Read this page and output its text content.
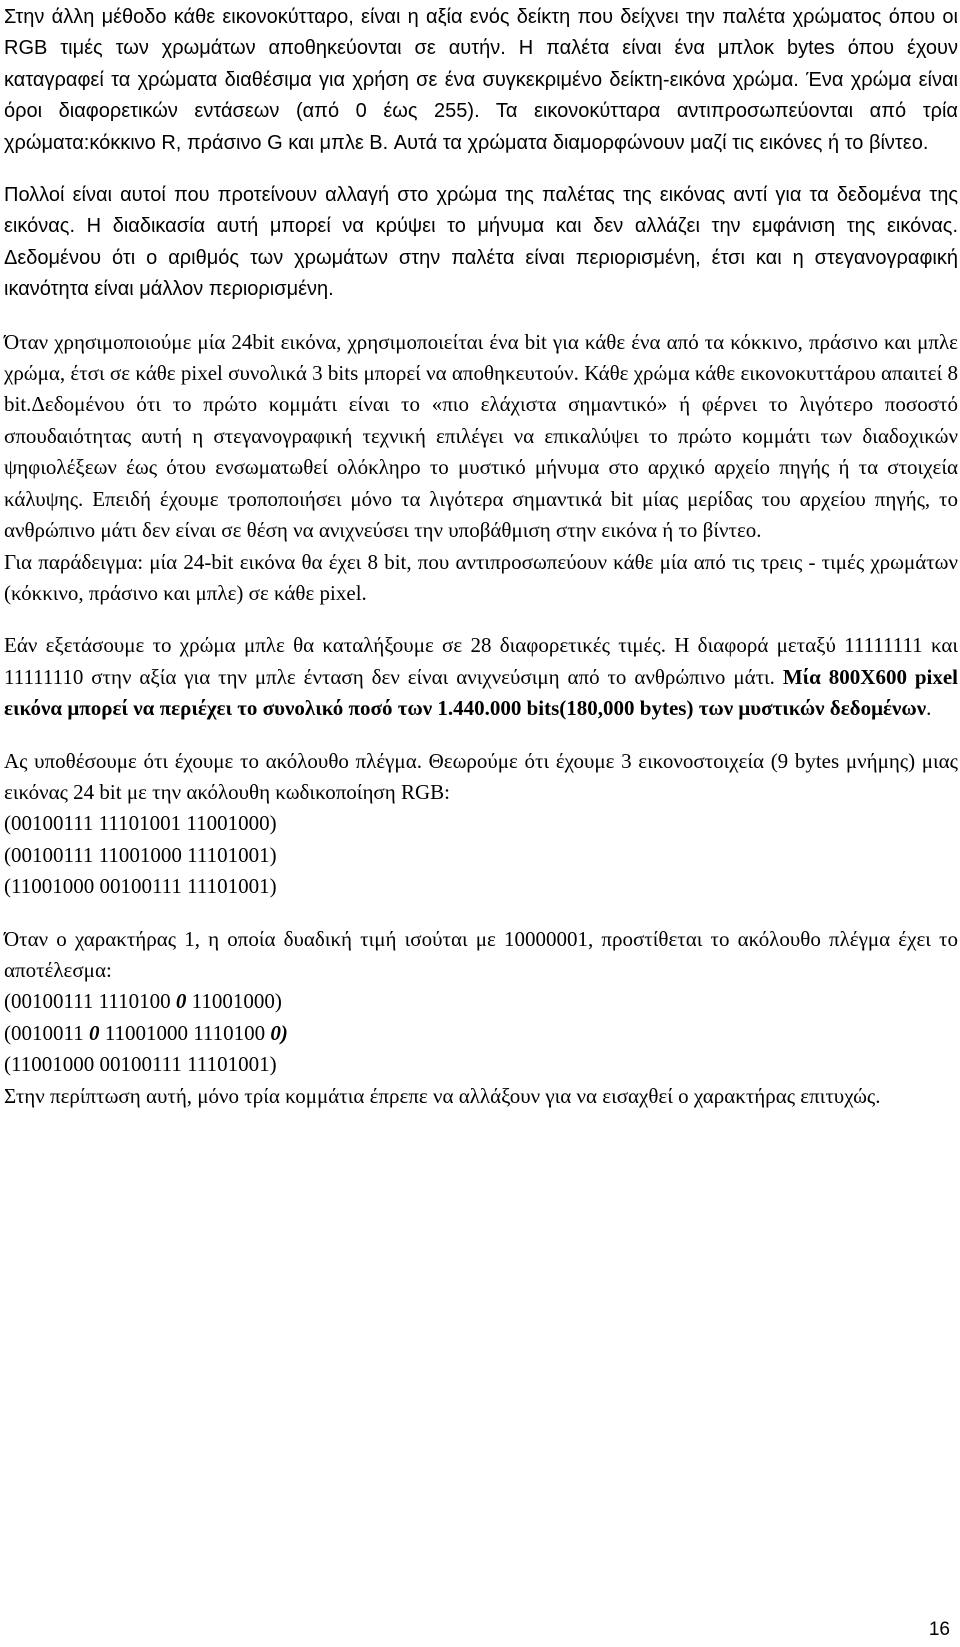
Στην άλλη μέθοδο κάθε εικονοκύτταρο, είναι η αξία ενός δείκτη που δείχνει την παλέτα χρώματος όπου οι RGB τιμές των χρωμάτων αποθηκεύονται σε αυτήν. Η παλέτα είναι ένα μπλοκ bytes όπου έχουν καταγραφεί τα χρώματα διαθέσιμα για χρήση σε ένα συγκεκριμένο δείκτη-εικόνα χρώμα. Ένα χρώμα είναι όροι διαφορετικών εντάσεων (από 0 έως 255). Τα εικονοκύτταρα αντιπροσωπεύονται από τρία χρώματα:κόκκινο R, πράσινο G και μπλε B. Αυτά τα χρώματα διαμορφώνουν μαζί τις εικόνες ή το βίντεο.

Πολλοί είναι αυτοί που προτείνουν αλλαγή στο χρώμα της παλέτας της εικόνας αντί για τα δεδομένα της εικόνας. Η διαδικασία αυτή μπορεί να κρύψει το μήνυμα και δεν αλλάζει την εμφάνιση της εικόνας. Δεδομένου ότι ο αριθμός των χρωμάτων στην παλέτα είναι περιορισμένη, έτσι και η στεγανογραφική ικανότητα είναι μάλλον περιορισμένη.

Όταν χρησιμοποιούμε μία 24bit εικόνα, χρησιμοποιείται ένα bit για κάθε ένα από τα κόκκινο, πράσινο και μπλε χρώμα, έτσι σε κάθε pixel συνολικά 3 bits μπορεί να αποθηκευτούν. Κάθε χρώμα κάθε εικονοκυττάρου απαιτεί 8 bit.Δεδομένου ότι το πρώτο κομμάτι είναι το «πιο ελάχιστα σημαντικό» ή φέρνει το λιγότερο ποσοστό σπουδαιότητας αυτή η στεγανογραφική τεχνική επιλέγει να επικαλύψει το πρώτο κομμάτι των διαδοχικών ψηφιολέξεων έως ότου ενσωματωθεί ολόκληρο το μυστικό μήνυμα στο αρχικό αρχείο πηγής ή τα στοιχεία κάλυψης. Επειδή έχουμε τροποποιήσει μόνο τα λιγότερα σημαντικά bit μίας μερίδας του αρχείου πηγής, το ανθρώπινο μάτι δεν είναι σε θέση να ανιχνεύσει την υποβάθμιση στην εικόνα ή το βίντεο.

Για παράδειγμα: μία 24-bit εικόνα θα έχει 8 bit, που αντιπροσωπεύουν κάθε μία από τις τρεις - τιμές χρωμάτων (κόκκινο, πράσινο και μπλε) σε κάθε pixel.

Εάν εξετάσουμε το χρώμα μπλε θα καταλήξουμε σε 28 διαφορετικές τιμές. Η διαφορά μεταξύ 11111111 και 11111110 στην αξία για την μπλε ένταση δεν είναι ανιχνεύσιμη από το ανθρώπινο μάτι. Μία 800X600 pixel εικόνα μπορεί να περιέχει το συνολικό ποσό των 1.440.000 bits(180,000 bytes) των μυστικών δεδομένων.

Ας υποθέσουμε ότι έχουμε το ακόλουθο πλέγμα. Θεωρούμε ότι έχουμε 3 εικονοστοιχεία (9 bytes μνήμης) μιας εικόνας 24 bit με την ακόλουθη κωδικοποίηση RGB:

(00100111 11101001 11001000)

(00100111 11001000 11101001)

(11001000 00100111 11101001)

Όταν ο χαρακτήρας 1, η οποία δυαδική τιμή ισούται με 10000001, προστίθεται το ακόλουθο πλέγμα έχει το αποτέλεσμα:

(00100111 1110100 0 11001000)

(0010011 0 11001000 1110100 0)

(11001000 00100111 11101001)

Στην περίπτωση αυτή, μόνο τρία κομμάτια έπρεπε να αλλάξουν για να εισαχθεί ο χαρακτήρας επιτυχώς.

16
